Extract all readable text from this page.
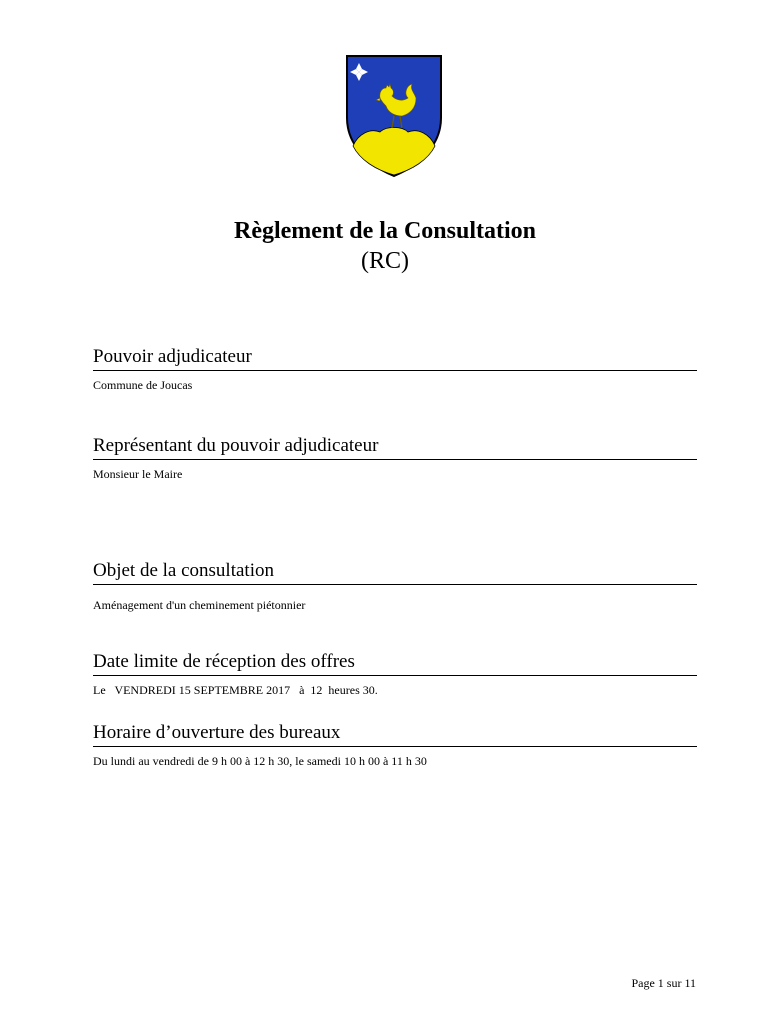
Règlement de la Consultation
(RC)
Pouvoir adjudicateur
Commune de Joucas
Représentant du pouvoir adjudicateur
Monsieur le Maire
Objet de la consultation
Aménagement d'un cheminement piétonnier
Date limite de réception des offres
Le   VENDREDI 15 SEPTEMBRE 2017   à  12  heures 30.
Horaire d’ouverture des bureaux
Du lundi au vendredi de 9 h 00 à 12 h 30, le samedi 10 h 00 à 11 h 30
Page 1 sur 11
